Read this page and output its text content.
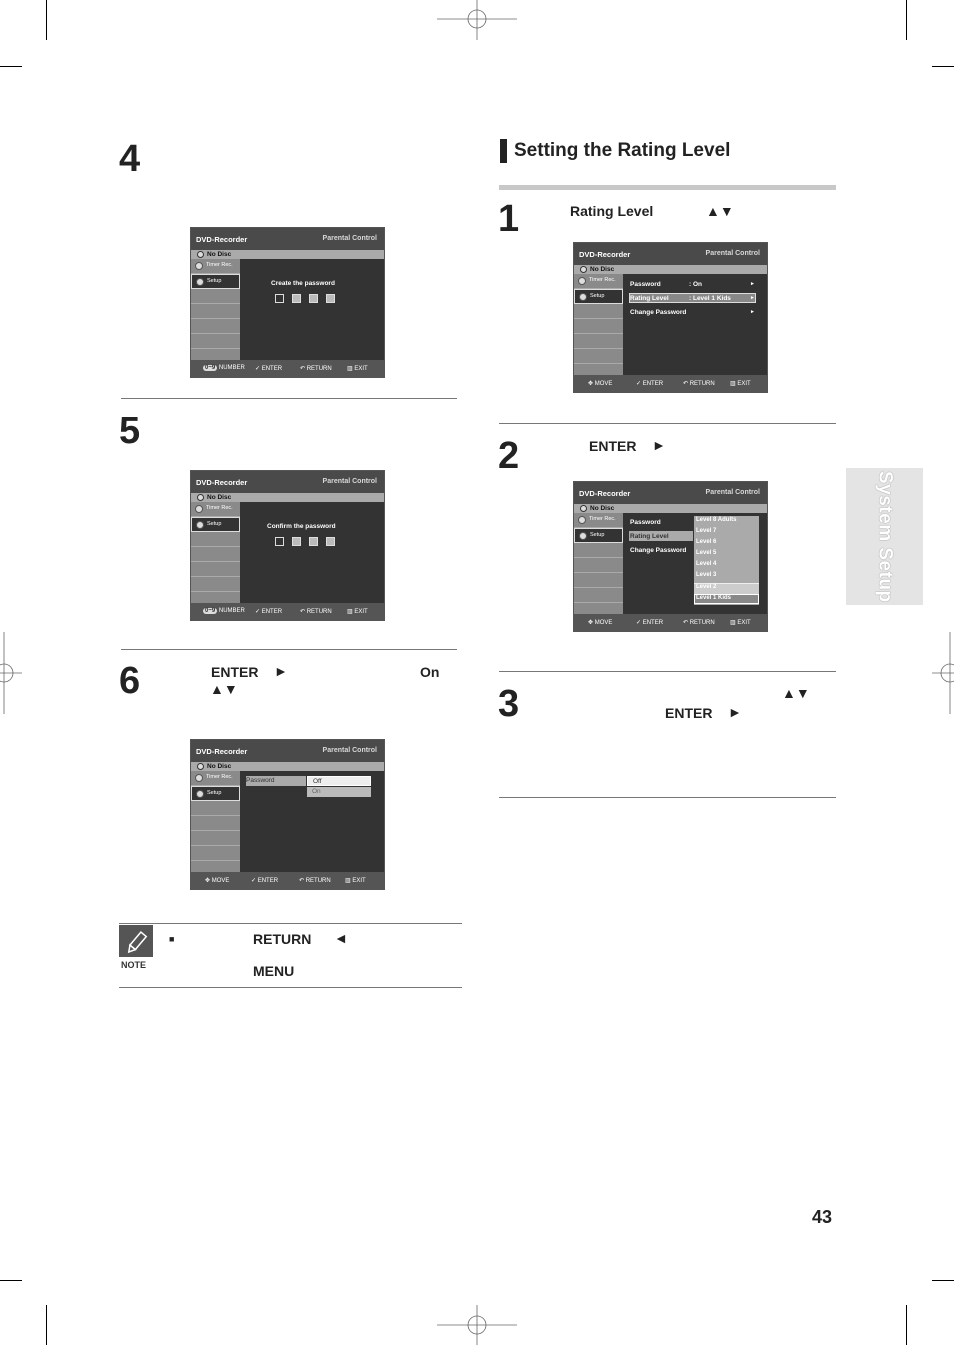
4
DVD-Recorder	Parental Control
No Disc
Timer Rec.
Setup	Create the password
0~9 NUMBER ✓ ENTER	↶ RETURN	▥ EXIT
5
DVD-Recorder	Parental Control
No Disc
Timer Rec.
Setup	Confirm the password
0~9 NUMBER ✓ ENTER	↶ RETURN	▥ EXIT
6	ENTER ►	On
▲▼
DVD-Recorder	Parental Control
No Disc
Timer Rec.
Setup
Password	Off
On
✥ MOVE	✓ ENTER	↶ RETURN ▥ EXIT
NOTE
■	RETURN ◄
MENU
Setting the Rating Level
1	Rating Level	▲▼
DVD-Recorder	Parental Control
No Disc
Timer Rec.
Setup
Password	: On	►
Rating Level	: Level 1 Kids	►
Change Password	►
✥ MOVE	✓ ENTER	↶ RETURN	▥ EXIT
2	ENTER ►
DVD-Recorder	Parental Control
No Disc
Timer Rec.
Setup
Password
Rating Level
Change Password
Level 8 Adults
Level 7
Level 6
Level 5
Level 4
Level 3
Level 2
Level 1 Kids
✥ MOVE	✓ ENTER	↶ RETURN	▥ EXIT
3	▲▼
ENTER ►
System Setup
43
